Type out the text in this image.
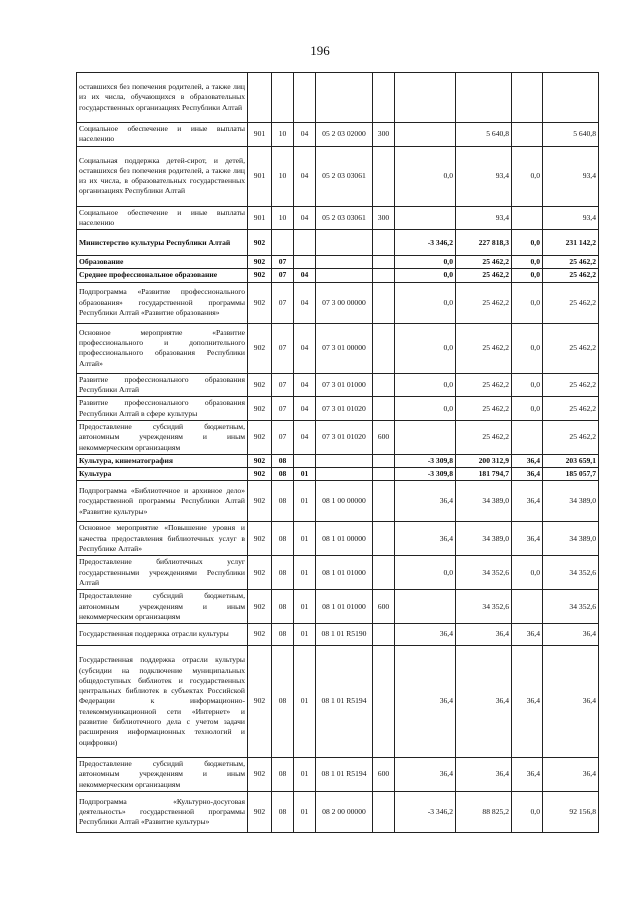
196
оставшихся без попечения родителей, а также лиц из их числа, обучающихся в образовательных государственных организациях Республики Алтай									
Социальное обеспечение и иные выплаты населению	901	10	04	05 2 03 02000	300		5 640,8		5 640,8
Социальная поддержка детей-сирот, и детей, оставшихся без попечения родителей, а также лиц из их числа, в образовательных государственных организациях Республики Алтай	901	10	04	05 2 03 03061		0,0	93,4	0,0	93,4
Социальное обеспечение и иные выплаты населению	901	10	04	05 2 03 03061	300		93,4		93,4
Министерство культуры Республики Алтай	902					-3 346,2	227 818,3	0,0	231 142,2
Образование	902	07				0,0	25 462,2	0,0	25 462,2
Среднее профессиональное образование	902	07	04			0,0	25 462,2	0,0	25 462,2
Подпрограмма «Развитие профессионального образования» государственной программы Республики Алтай «Развитие образования»	902	07	04	07 3 00 00000		0,0	25 462,2	0,0	25 462,2
Основное мероприятие «Развитие профессионального и дополнительного профессионального образования Республики Алтай»	902	07	04	07 3 01 00000		0,0	25 462,2	0,0	25 462,2
Развитие профессионального образования Республики Алтай	902	07	04	07 3 01 01000		0,0	25 462,2	0,0	25 462,2
Развитие профессионального образования Республики Алтай в сфере культуры	902	07	04	07 3 01 01020		0,0	25 462,2	0,0	25 462,2
Предоставление субсидий бюджетным, автономным учреждениям и иным некоммерческим организациям	902	07	04	07 3 01 01020	600		25 462,2		25 462,2
Культура, кинематография	902	08				-3 309,8	200 312,9	36,4	203 659,1
Культура	902	08	01			-3 309,8	181 794,7	36,4	185 057,7
Подпрограмма «Библиотечное и архивное дело» государственной программы Республики Алтай «Развитие культуры»	902	08	01	08 1 00 00000		36,4	34 389,0	36,4	34 389,0
Основное мероприятие «Повышение уровня и качества предоставления библиотечных услуг в Республике Алтай»	902	08	01	08 1 01 00000		36,4	34 389,0	36,4	34 389,0
Предоставление библиотечных услуг государственными учреждениями Республики Алтай	902	08	01	08 1 01 01000		0,0	34 352,6	0,0	34 352,6
Предоставление субсидий бюджетным, автономным учреждениям и иным некоммерческим организациям	902	08	01	08 1 01 01000	600		34 352,6		34 352,6
Государственная поддержка отрасли культуры	902	08	01	08 1 01 R5190		36,4	36,4	36,4	36,4
Государственная поддержка отрасли культуры (субсидии на подключение муниципальных общедоступных библиотек и государственных центральных библиотек в субъектах Российской Федерации к информационно-телекоммуникационной сети «Интернет» и развитие библиотечного дела с учетом задачи расширения информационных технологий и оцифровки)	902	08	01	08 1 01 R5194		36,4	36,4	36,4	36,4
Предоставление субсидий бюджетным, автономным учреждениям и иным некоммерческим организациям	902	08	01	08 1 01 R5194	600	36,4	36,4	36,4	36,4
Подпрограмма «Культурно-досуговая деятельность» государственной программы Республики Алтай «Развитие культуры»	902	08	01	08 2 00 00000		-3 346,2	88 825,2	0,0	92 156,8
